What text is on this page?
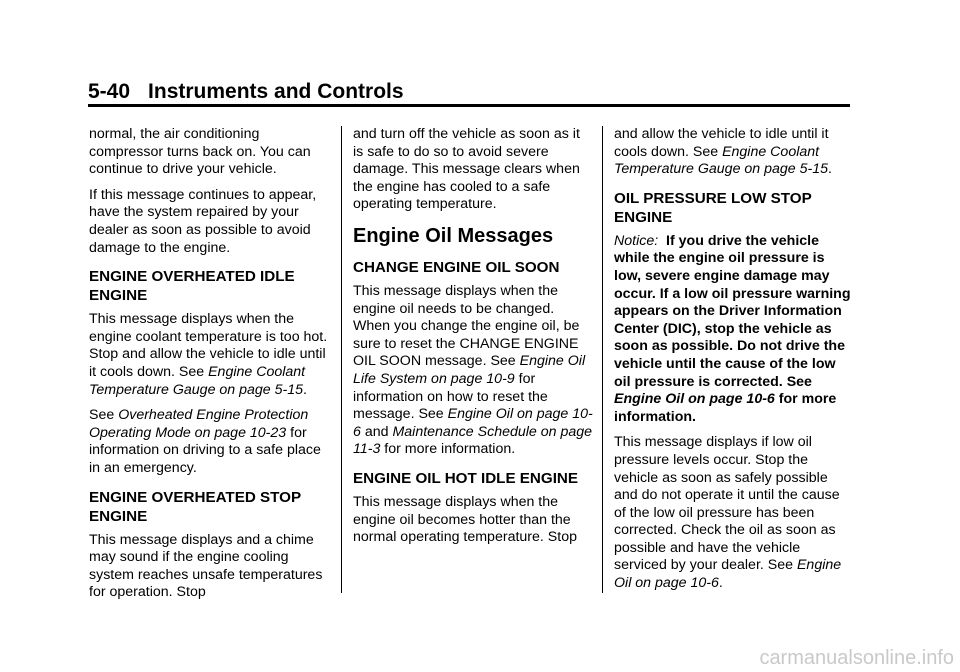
5-40 Instruments and Controls

normal, the air conditioning compressor turns back on. You can continue to drive your vehicle.

If this message continues to appear, have the system repaired by your dealer as soon as possible to avoid damage to the engine.

ENGINE OVERHEATED IDLE ENGINE

This message displays when the engine coolant temperature is too hot. Stop and allow the vehicle to idle until it cools down. See Engine Coolant Temperature Gauge on page 5-15.

See Overheated Engine Protection Operating Mode on page 10-23 for information on driving to a safe place in an emergency.

ENGINE OVERHEATED STOP ENGINE

This message displays and a chime may sound if the engine cooling system reaches unsafe temperatures for operation. Stop

and turn off the vehicle as soon as it is safe to do so to avoid severe damage. This message clears when the engine has cooled to a safe operating temperature.

Engine Oil Messages
CHANGE ENGINE OIL SOON

This message displays when the engine oil needs to be changed. When you change the engine oil, be sure to reset the CHANGE ENGINE OIL SOON message. See Engine Oil Life System on page 10-9 for information on how to reset the message. See Engine Oil on page 10-6 and Maintenance Schedule on page 11-3 for more information.

ENGINE OIL HOT IDLE ENGINE

This message displays when the engine oil becomes hotter than the normal operating temperature. Stop

and allow the vehicle to idle until it cools down. See Engine Coolant Temperature Gauge on page 5-15.

OIL PRESSURE LOW STOP ENGINE

Notice: If you drive the vehicle while the engine oil pressure is low, severe engine damage may occur. If a low oil pressure warning appears on the Driver Information Center (DIC), stop the vehicle as soon as possible. Do not drive the vehicle until the cause of the low oil pressure is corrected. See Engine Oil on page 10-6 for more information.

This message displays if low oil pressure levels occur. Stop the vehicle as soon as safely possible and do not operate it until the cause of the low oil pressure has been corrected. Check the oil as soon as possible and have the vehicle serviced by your dealer. See Engine Oil on page 10-6.

carmanualsonline.info
